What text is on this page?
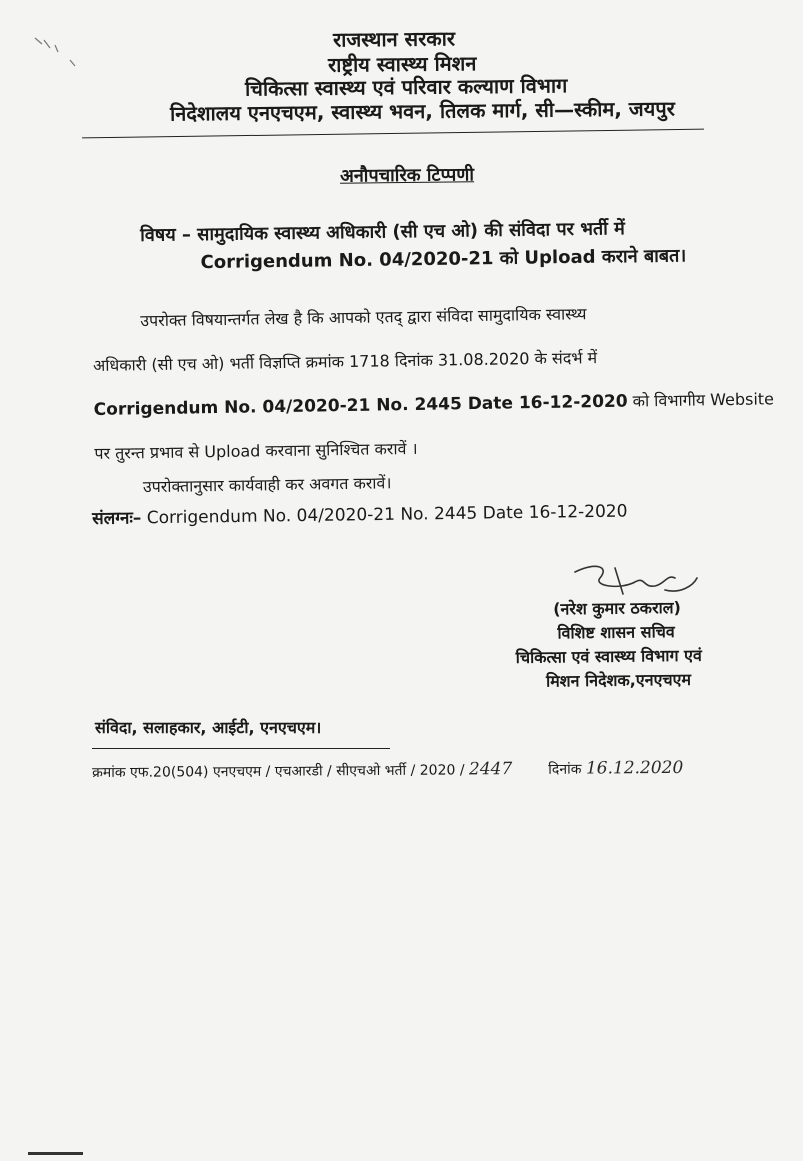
राजस्थान सरकार
राष्ट्रीय स्वास्थ्य मिशन
चिकित्सा स्वास्थ्य एवं परिवार कल्याण विभाग
निदेशालय एनएचएम, स्वास्थ्य भवन, तिलक मार्ग, सी—स्कीम, जयपुर
अनौपचारिक टिप्पणी
विषय – सामुदायिक स्वास्थ्य अधिकारी (सी एच ओ) की संविदा पर भर्ती में
Corrigendum No. 04/2020-21 को Upload कराने बाबत।
उपरोक्त विषयान्तर्गत लेख है कि आपको एतद् द्वारा संविदा सामुदायिक स्वास्थ्य
अधिकारी (सी एच ओ) भर्ती विज्ञप्ति क्रमांक 1718 दिनांक 31.08.2020 के संदर्भ में
Corrigendum No. 04/2020-21 No. 2445 Date 16-12-2020 को विभागीय Website
पर तुरन्त प्रभाव से Upload करवाना सुनिश्चित करावें ।
उपरोक्तानुसार कार्यवाही कर अवगत करावें।
संलग्नः– Corrigendum No. 04/2020-21 No. 2445 Date 16-12-2020
(नरेश कुमार ठकराल)
विशिष्ट शासन सचिव
चिकित्सा एवं स्वास्थ्य विभाग एवं
मिशन निदेशक,एनएचएम
संविदा, सलाहकार, आईटी, एनएचएम।
क्रमांक एफ.20(504) एनएचएम / एचआरडी / सीएचओ भर्ती / 2020 / 2447	दिनांक 16.12.2020
